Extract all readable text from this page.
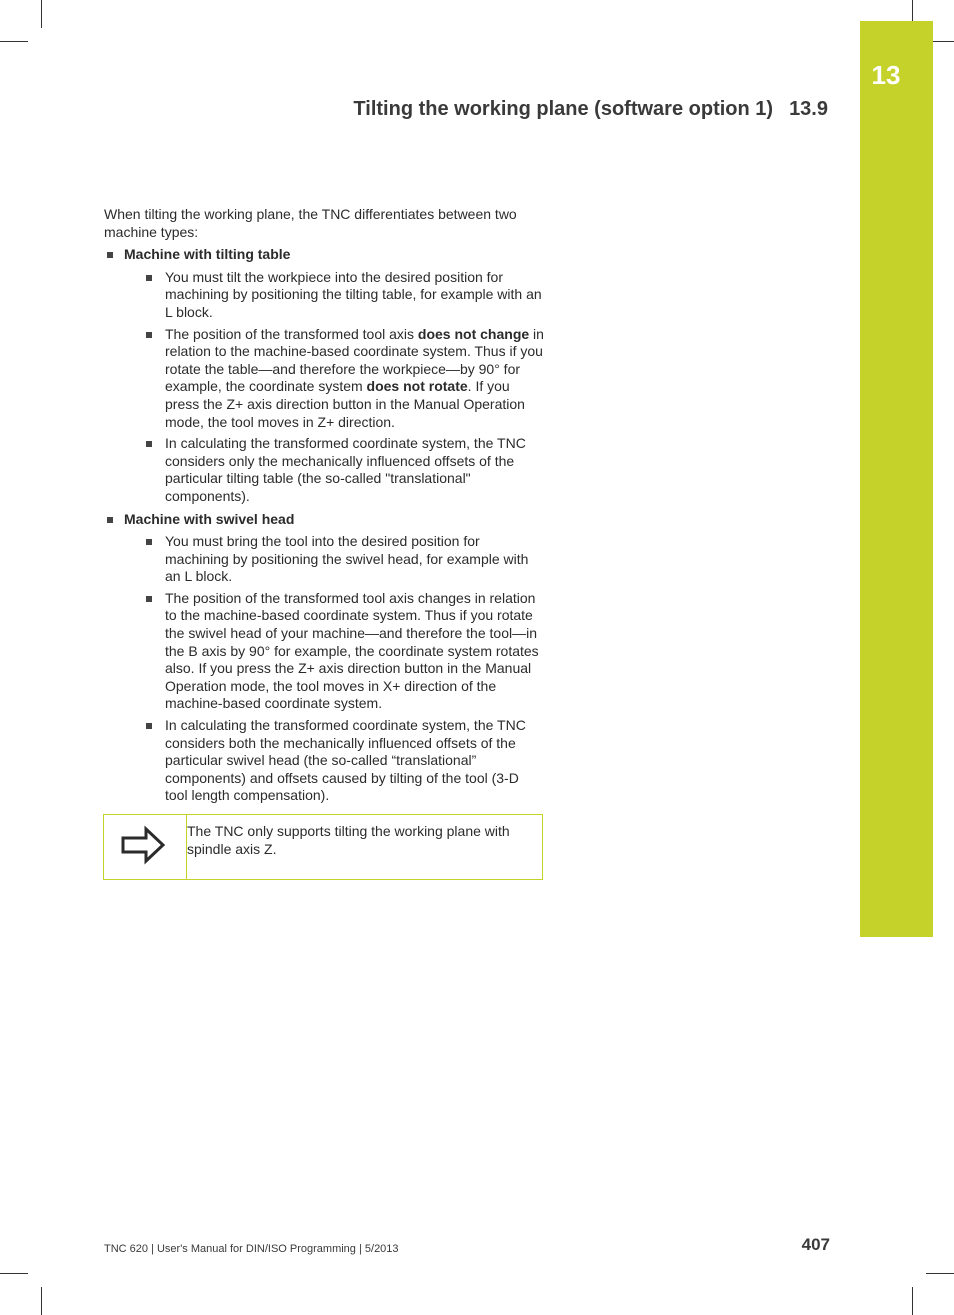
13
Tilting the working plane (software option 1) 13.9

When tilting the working plane, the TNC differentiates between two machine types:

Machine with tilting table
You must tilt the workpiece into the desired position for machining by positioning the tilting table, for example with an L block.
The position of the transformed tool axis does not change in relation to the machine-based coordinate system. Thus if you rotate the table—and therefore the workpiece—by 90° for example, the coordinate system does not rotate. If you press the Z+ axis direction button in the Manual Operation mode, the tool moves in Z+ direction.
In calculating the transformed coordinate system, the TNC considers only the mechanically influenced offsets of the particular tilting table (the so-called "translational" components).
Machine with swivel head
You must bring the tool into the desired position for machining by positioning the swivel head, for example with an L block.
The position of the transformed tool axis changes in relation to the machine-based coordinate system. Thus if you rotate the swivel head of your machine—and therefore the tool—in the B axis by 90° for example, the coordinate system rotates also. If you press the Z+ axis direction button in the Manual Operation mode, the tool moves in X+ direction of the machine-based coordinate system.
In calculating the transformed coordinate system, the TNC considers both the mechanically influenced offsets of the particular swivel head (the so-called “translational” components) and offsets caused by tilting of the tool (3-D tool length compensation).
The TNC only supports tilting the working plane with spindle axis Z.
TNC 620 | User's Manual for DIN/ISO Programming | 5/2013	407
